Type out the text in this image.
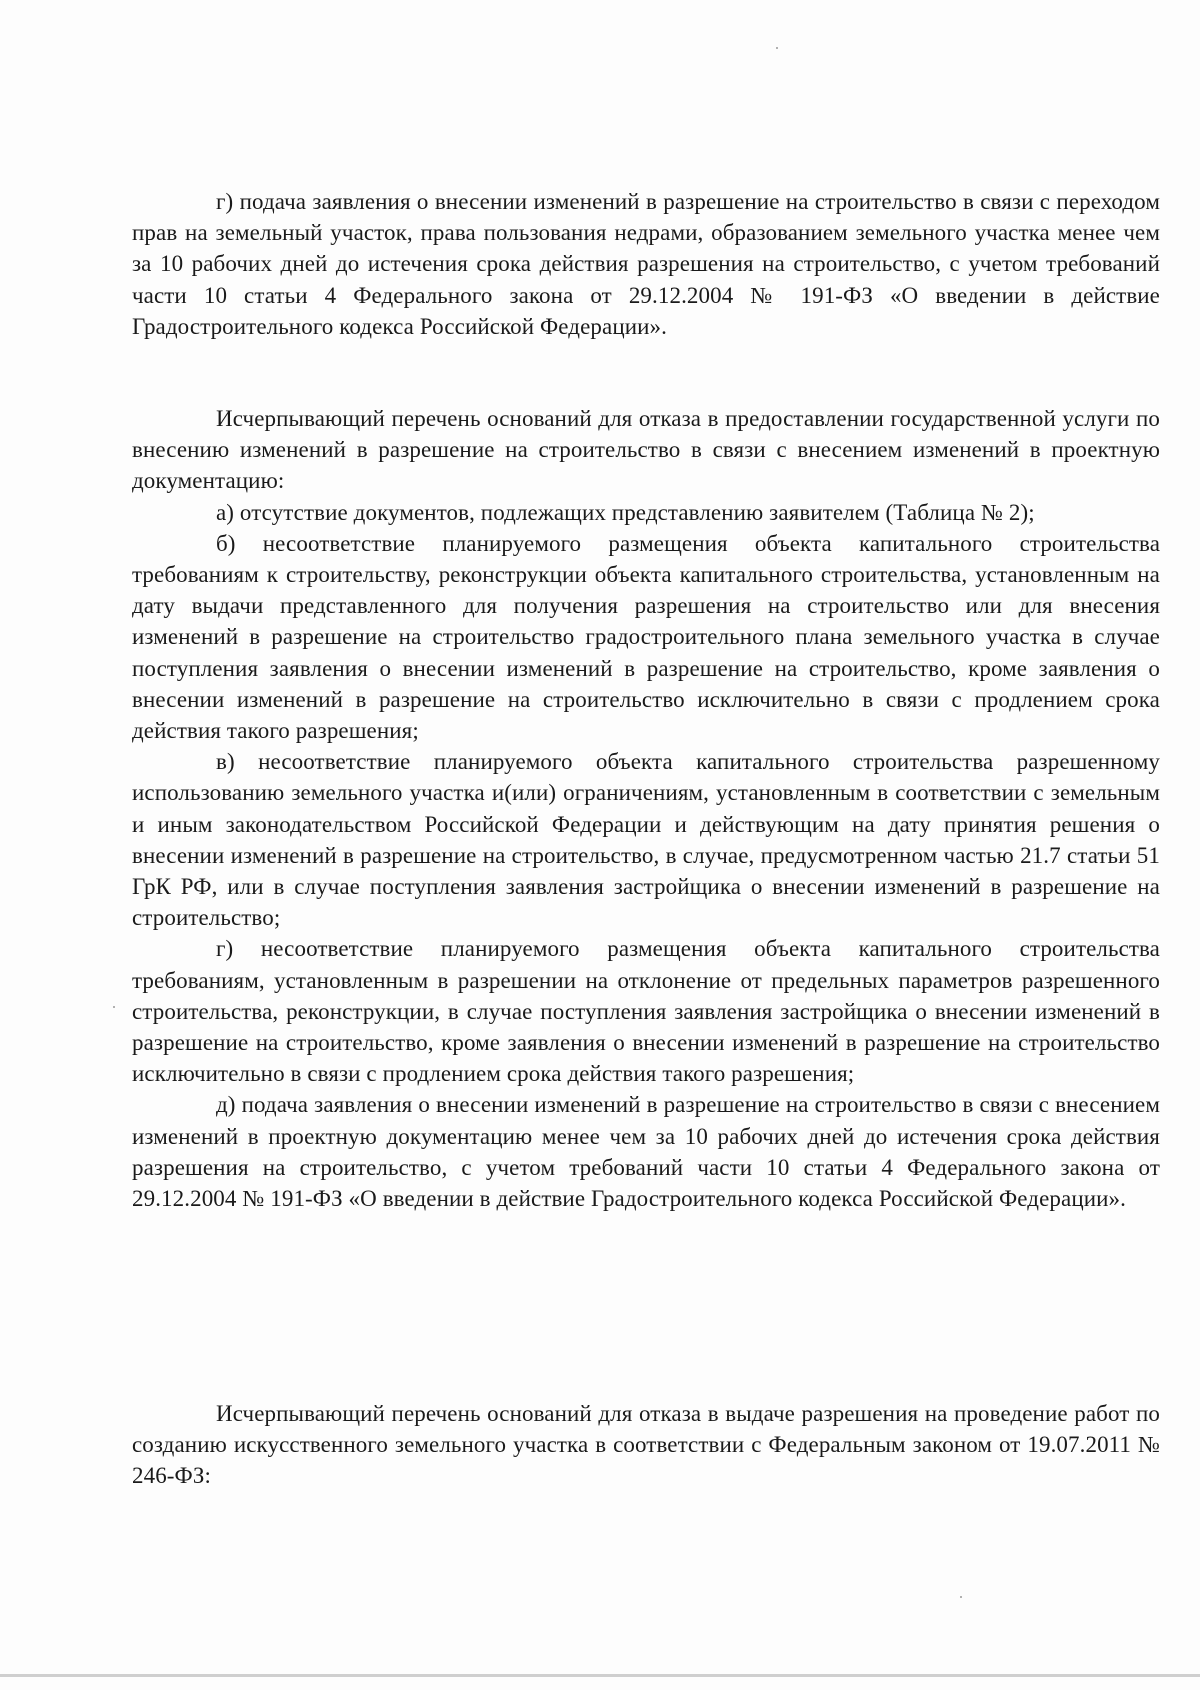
г) подача заявления о внесении изменений в разрешение на строительство в связи с переходом прав на земельный участок, права пользования недрами, образованием земельного участка менее чем за 10 рабочих дней до истечения срока действия разрешения на строительство, с учетом требований части 10 статьи 4 Федерального закона от 29.12.2004 № 191-ФЗ «О введении в действие Градостроительного кодекса Российской Федерации».

Исчерпывающий перечень оснований для отказа в предоставлении государственной услуги по внесению изменений в разрешение на строительство в связи с внесением изменений в проектную документацию:

а) отсутствие документов, подлежащих представлению заявителем (Таблица № 2);

б) несоответствие планируемого размещения объекта капитального строительства требованиям к строительству, реконструкции объекта капитального строительства, установленным на дату выдачи представленного для получения разрешения на строительство или для внесения изменений в разрешение на строительство градостроительного плана земельного участка в случае поступления заявления о внесении изменений в разрешение на строительство, кроме заявления о внесении изменений в разрешение на строительство исключительно в связи с продлением срока действия такого разрешения;

в) несоответствие планируемого объекта капитального строительства разрешенному использованию земельного участка и(или) ограничениям, установленным в соответствии с земельным и иным законодательством Российской Федерации и действующим на дату принятия решения о внесении изменений в разрешение на строительство, в случае, предусмотренном частью 21.7 статьи 51 ГрК РФ, или в случае поступления заявления застройщика о внесении изменений в разрешение на строительство;

г) несоответствие планируемого размещения объекта капитального строительства требованиям, установленным в разрешении на отклонение от предельных параметров разрешенного строительства, реконструкции, в случае поступления заявления застройщика о внесении изменений в разрешение на строительство, кроме заявления о внесении изменений в разрешение на строительство исключительно в связи с продлением срока действия такого разрешения;

д) подача заявления о внесении изменений в разрешение на строительство в связи с внесением изменений в проектную документацию менее чем за 10 рабочих дней до истечения срока действия разрешения на строительство, с учетом требований части 10 статьи 4 Федерального закона от 29.12.2004 № 191-ФЗ «О введении в действие Градостроительного кодекса Российской Федерации».

Исчерпывающий перечень оснований для отказа в выдаче разрешения на проведение работ по созданию искусственного земельного участка в соответствии с Федеральным законом от 19.07.2011 № 246-ФЗ:
